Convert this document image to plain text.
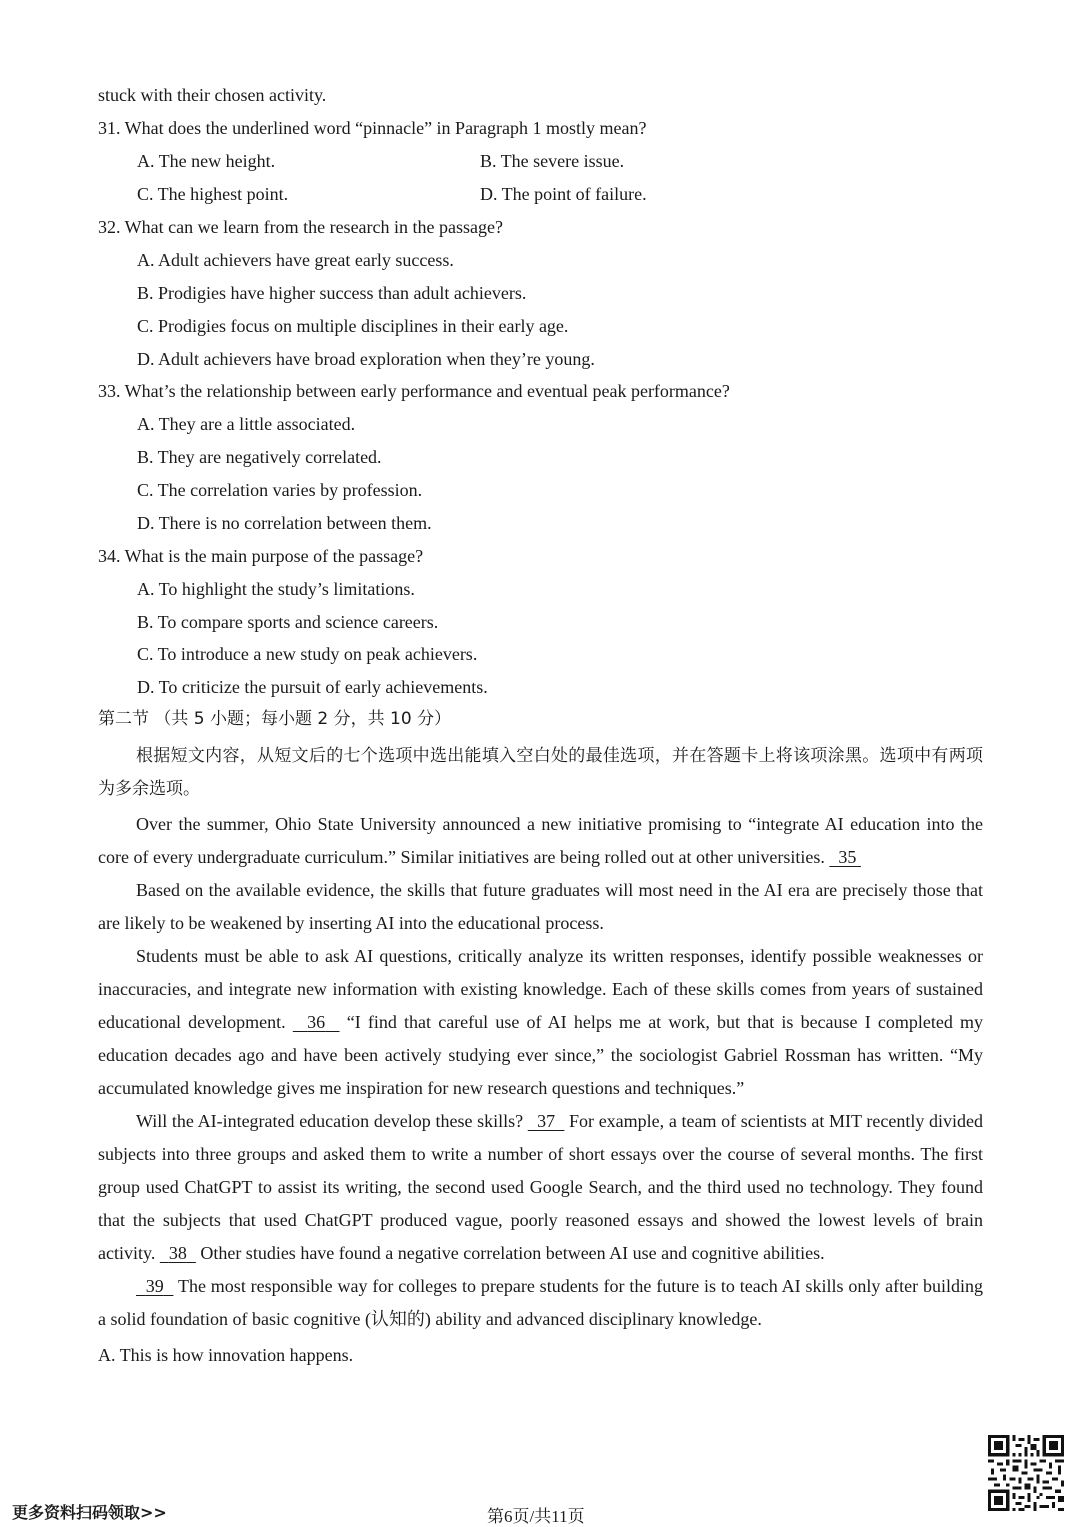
stuck with their chosen activity.
31. What does the underlined word “pinnacle” in Paragraph 1 mostly mean?
A. The new height.	B. The severe issue.
C. The highest point.	D. The point of failure.
32. What can we learn from the research in the passage?
A. Adult achievers have great early success.
B. Prodigies have higher success than adult achievers.
C. Prodigies focus on multiple disciplines in their early age.
D. Adult achievers have broad exploration when they’re young.
33. What’s the relationship between early performance and eventual peak performance?
A. They are a little associated.
B. They are negatively correlated.
C. The correlation varies by profession.
D. There is no correlation between them.
34. What is the main purpose of the passage?
A. To highlight the study’s limitations.
B. To compare sports and science careers.
C. To introduce a new study on peak achievers.
D. To criticize the pursuit of early achievements.
第二节 （共 5 小题；每小题 2 分，共 10 分）

根据短文内容，从短文后的七个选项中选出能填入空白处的最佳选项，并在答题卡上将该项涂黑。选项中有两项为多余选项。

Over the summer, Ohio State University announced a new initiative promising to “integrate AI education into the core of every undergraduate curriculum.” Similar initiatives are being rolled out at other universities. 35

Based on the available evidence, the skills that future graduates will most need in the AI era are precisely those that are likely to be weakened by inserting AI into the educational process.

Students must be able to ask AI questions, critically analyze its written responses, identify possible weaknesses or inaccuracies, and integrate new information with existing knowledge. Each of these skills comes from years of sustained educational development. 36 “I find that careful use of AI helps me at work, but that is because I completed my education decades ago and have been actively studying ever since,” the sociologist Gabriel Rossman has written. “My accumulated knowledge gives me inspiration for new research questions and techniques.”

Will the AI-integrated education develop these skills? 37 For example, a team of scientists at MIT recently divided subjects into three groups and asked them to write a number of short essays over the course of several months. The first group used ChatGPT to assist its writing, the second used Google Search, and the third used no technology. They found that the subjects that used ChatGPT produced vague, poorly reasoned essays and showed the lowest levels of brain activity. 38 Other studies have found a negative correlation between AI use and cognitive abilities.

39 The most responsible way for colleges to prepare students for the future is to teach AI skills only after building a solid foundation of basic cognitive (认知的) ability and advanced disciplinary knowledge.

A. This is how innovation happens.

更多资料扫码领取>>	第6页/共11页
